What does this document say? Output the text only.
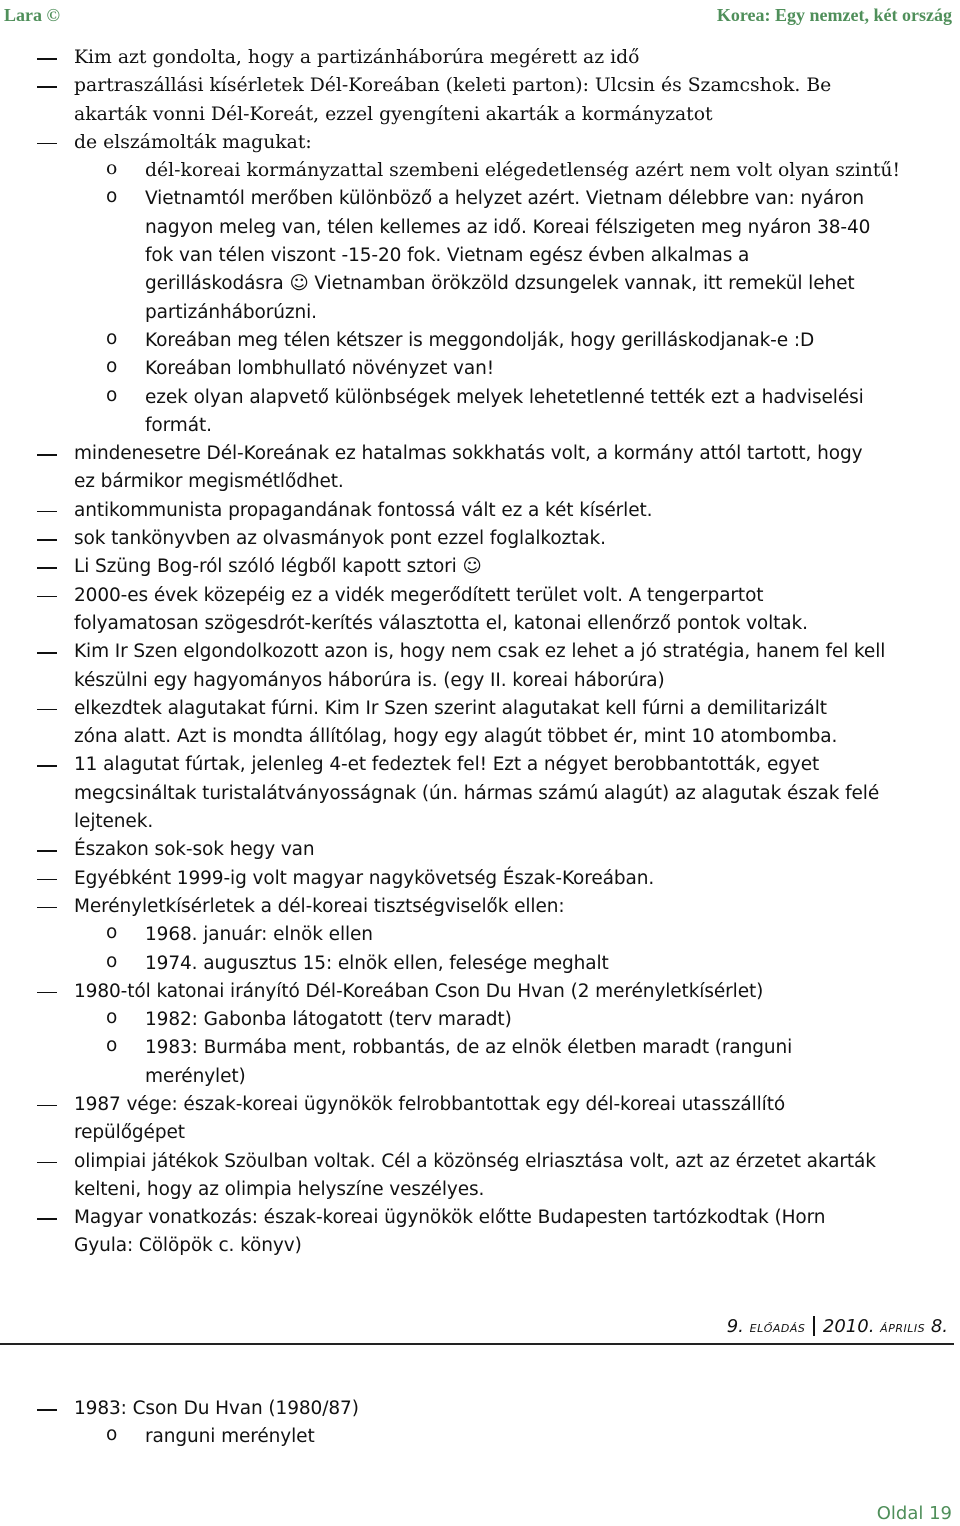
Lara ©	Korea: Egy nemzet, két ország
Kim azt gondolta, hogy a partizánháborúra megérett az idő
partraszállási kísérletek Dél-Koreában (keleti parton): Ulcsin és Szamcshok. Be
akarták vonni Dél-Koreát, ezzel gyengíteni akarták a kormányzatot
de elszámolták magukat:
o dél-koreai kormányzattal szembeni elégedetlenség azért nem volt olyan szintű!
o Vietnamtól merőben különböző a helyzet azért. Vietnam délebbre van: nyáron
nagyon meleg van, télen kellemes az idő. Koreai félszigeten meg nyáron 38-40
fok van télen viszont -15-20 fok. Vietnam egész évben alkalmas a
gerilláskodásra ☺ Vietnamban örökzöld dzsungelek vannak, itt remekül lehet
partizánháborúzni.
o Koreában meg télen kétszer is meggondolják, hogy gerilláskodjanak-e :D
o Koreában lombhullató növényzet van!
o ezek olyan alapvető különbségek melyek lehetetlenné tették ezt a hadviselési
formát.
mindenesetre Dél-Koreának ez hatalmas sokkhatás volt, a kormány attól tartott, hogy
ez bármikor megismétlődhet.
antikommunista propagandának fontossá vált ez a két kísérlet.
sok tankönyvben az olvasmányok pont ezzel foglalkoztak.
Li Szüng Bog-ról szóló légből kapott sztori ☺
2000-es évek közepéig ez a vidék megerődített terület volt. A tengerpartot
folyamatosan szögesdrót-kerítés választotta el, katonai ellenőrző pontok voltak.
Kim Ir Szen elgondolkozott azon is, hogy nem csak ez lehet a jó stratégia, hanem fel kell
készülni egy hagyományos háborúra is. (egy II. koreai háborúra)
elkezdtek alagutakat fúrni. Kim Ir Szen szerint alagutakat kell fúrni a demilitarizált
zóna alatt. Azt is mondta állítólag, hogy egy alagút többet ér, mint 10 atombomba.
11 alagutat fúrtak, jelenleg 4-et fedeztek fel! Ezt a négyet berobbantották, egyet
megcsináltak turistalátványosságnak (ún. hármas számú alagút) az alagutak észak felé
lejtenek.
Északon sok-sok hegy van
Egyébként 1999-ig volt magyar nagykövetség Észak-Koreában.
Merényletkísérletek a dél-koreai tisztségviselők ellen:
o 1968. január: elnök ellen
o 1974. augusztus 15: elnök ellen, felesége meghalt
1980-tól katonai irányító Dél-Koreában Cson Du Hvan (2 merényletkísérlet)
o 1982: Gabonba látogatott (terv maradt)
o 1983: Burmába ment, robbantás, de az elnök életben maradt (ranguni
merénylet)
1987 vége: észak-koreai ügynökök felrobbantottak egy dél-koreai utasszállító
repülőgépet
olimpiai játékok Szöulban voltak. Cél a közönség elriasztása volt, azt az érzetet akarták
kelteni, hogy az olimpia helyszíne veszélyes.
Magyar vonatkozás: észak-koreai ügynökök előtte Budapesten tartózkodtak (Horn
Gyula: Cölöpök c. könyv)
9. ELŐADÁS 2010. ÁPRILIS 8.
1983: Cson Du Hvan (1980/87)
o ranguni merénylet
Oldal 19
